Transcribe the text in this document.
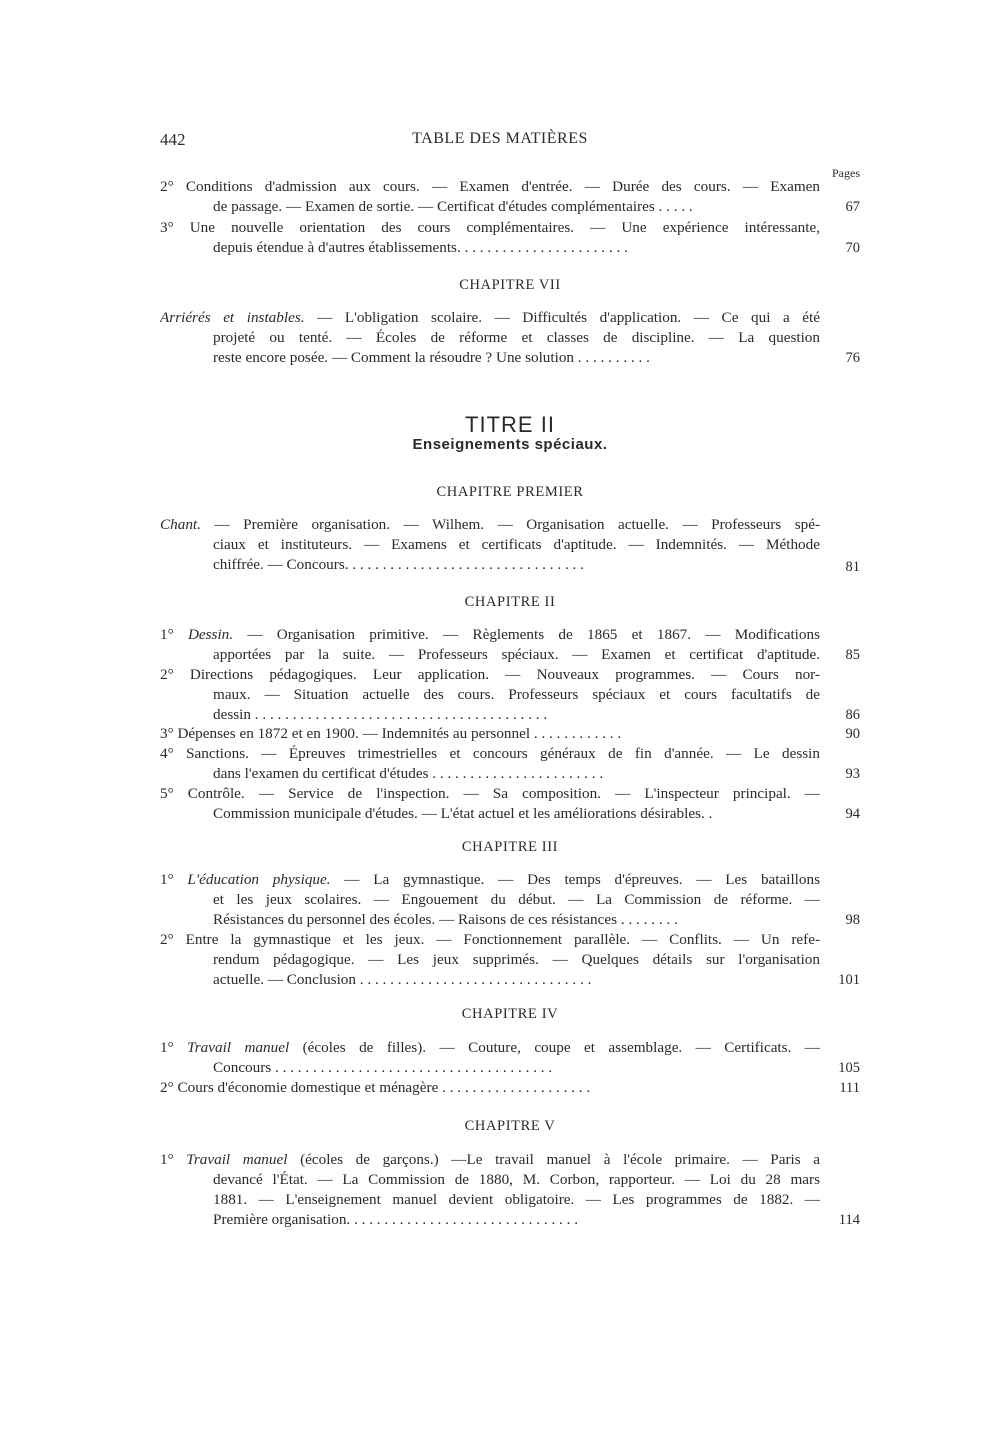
442	TABLE DES MATIÈRES
Pages
2° Conditions d'admission aux cours. — Examen d'entrée. — Durée des cours. — Examen
de passage. — Examen de sortie. — Certificat d'études complémentaires . . . . .	67
3° Une nouvelle orientation des cours complémentaires. — Une expérience intéressante,
depuis étendue à d'autres établissements. . . . . . . . . . . . . . . . . . . . . . .	70
CHAPITRE VII
Arriérés et instables. — L'obligation scolaire. — Difficultés d'application. — Ce qui a été
projeté ou tenté. — Écoles de réforme et classes de discipline. — La question
reste encore posée. — Comment la résoudre ? Une solution . . . . . . . . . .	76
TITRE II
Enseignements spéciaux.
CHAPITRE PREMIER
Chant. — Première organisation. — Wilhem. — Organisation actuelle. — Professeurs spé-
ciaux et instituteurs. — Examens et certificats d'aptitude. — Indemnités. — Méthode
chiffrée. — Concours. . . . . . . . . . . . . . . . . . . . . . . . . . . . . . . .	81
CHAPITRE II
1° Dessin. — Organisation primitive. — Règlements de 1865 et 1867. — Modifications
apportées par la suite. — Professeurs spéciaux. — Examen et certificat d'aptitude.	85
2° Directions pédagogiques. Leur application. — Nouveaux programmes. — Cours nor-
maux. — Situation actuelle des cours. Professeurs spéciaux et cours facultatifs de
dessin . . . . . . . . . . . . . . . . . . . . . . . . . . . . . . . . . . . . . . .	86
3° Dépenses en 1872 et en 1900. — Indemnités au personnel . . . . . . . . . . . .	90
4° Sanctions. — Épreuves trimestrielles et concours généraux de fin d'année. — Le dessin
dans l'examen du certificat d'études . . . . . . . . . . . . . . . . . . . . . . .	93
5° Contrôle. — Service de l'inspection. — Sa composition. — L'inspecteur principal. —
Commission municipale d'études. — L'état actuel et les améliorations désirables. .	94
CHAPITRE III
1° L'éducation physique. — La gymnastique. — Des temps d'épreuves. — Les bataillons
et les jeux scolaires. — Engouement du début. — La Commission de réforme. —
Résistances du personnel des écoles. — Raisons de ces résistances . . . . . . . .	98
2° Entre la gymnastique et les jeux. — Fonctionnement parallèle. — Conflits. — Un refe-
rendum pédagogique. — Les jeux supprimés. — Quelques détails sur l'organisation
actuelle. — Conclusion . . . . . . . . . . . . . . . . . . . . . . . . . . . . . . .	101
CHAPITRE IV
1° Travail manuel (écoles de filles). — Couture, coupe et assemblage. — Certificats. —
Concours . . . . . . . . . . . . . . . . . . . . . . . . . . . . . . . . . . . . .	105
2° Cours d'économie domestique et ménagère . . . . . . . . . . . . . . . . . . . .	111
CHAPITRE V
1° Travail manuel (écoles de garçons.) —Le travail manuel à l'école primaire. — Paris a
devancé l'État. — La Commission de 1880, M. Corbon, rapporteur. — Loi du 28 mars
1881. — L'enseignement manuel devient obligatoire. — Les programmes de 1882. —
Première organisation. . . . . . . . . . . . . . . . . . . . . . . . . . . . . . .	114
